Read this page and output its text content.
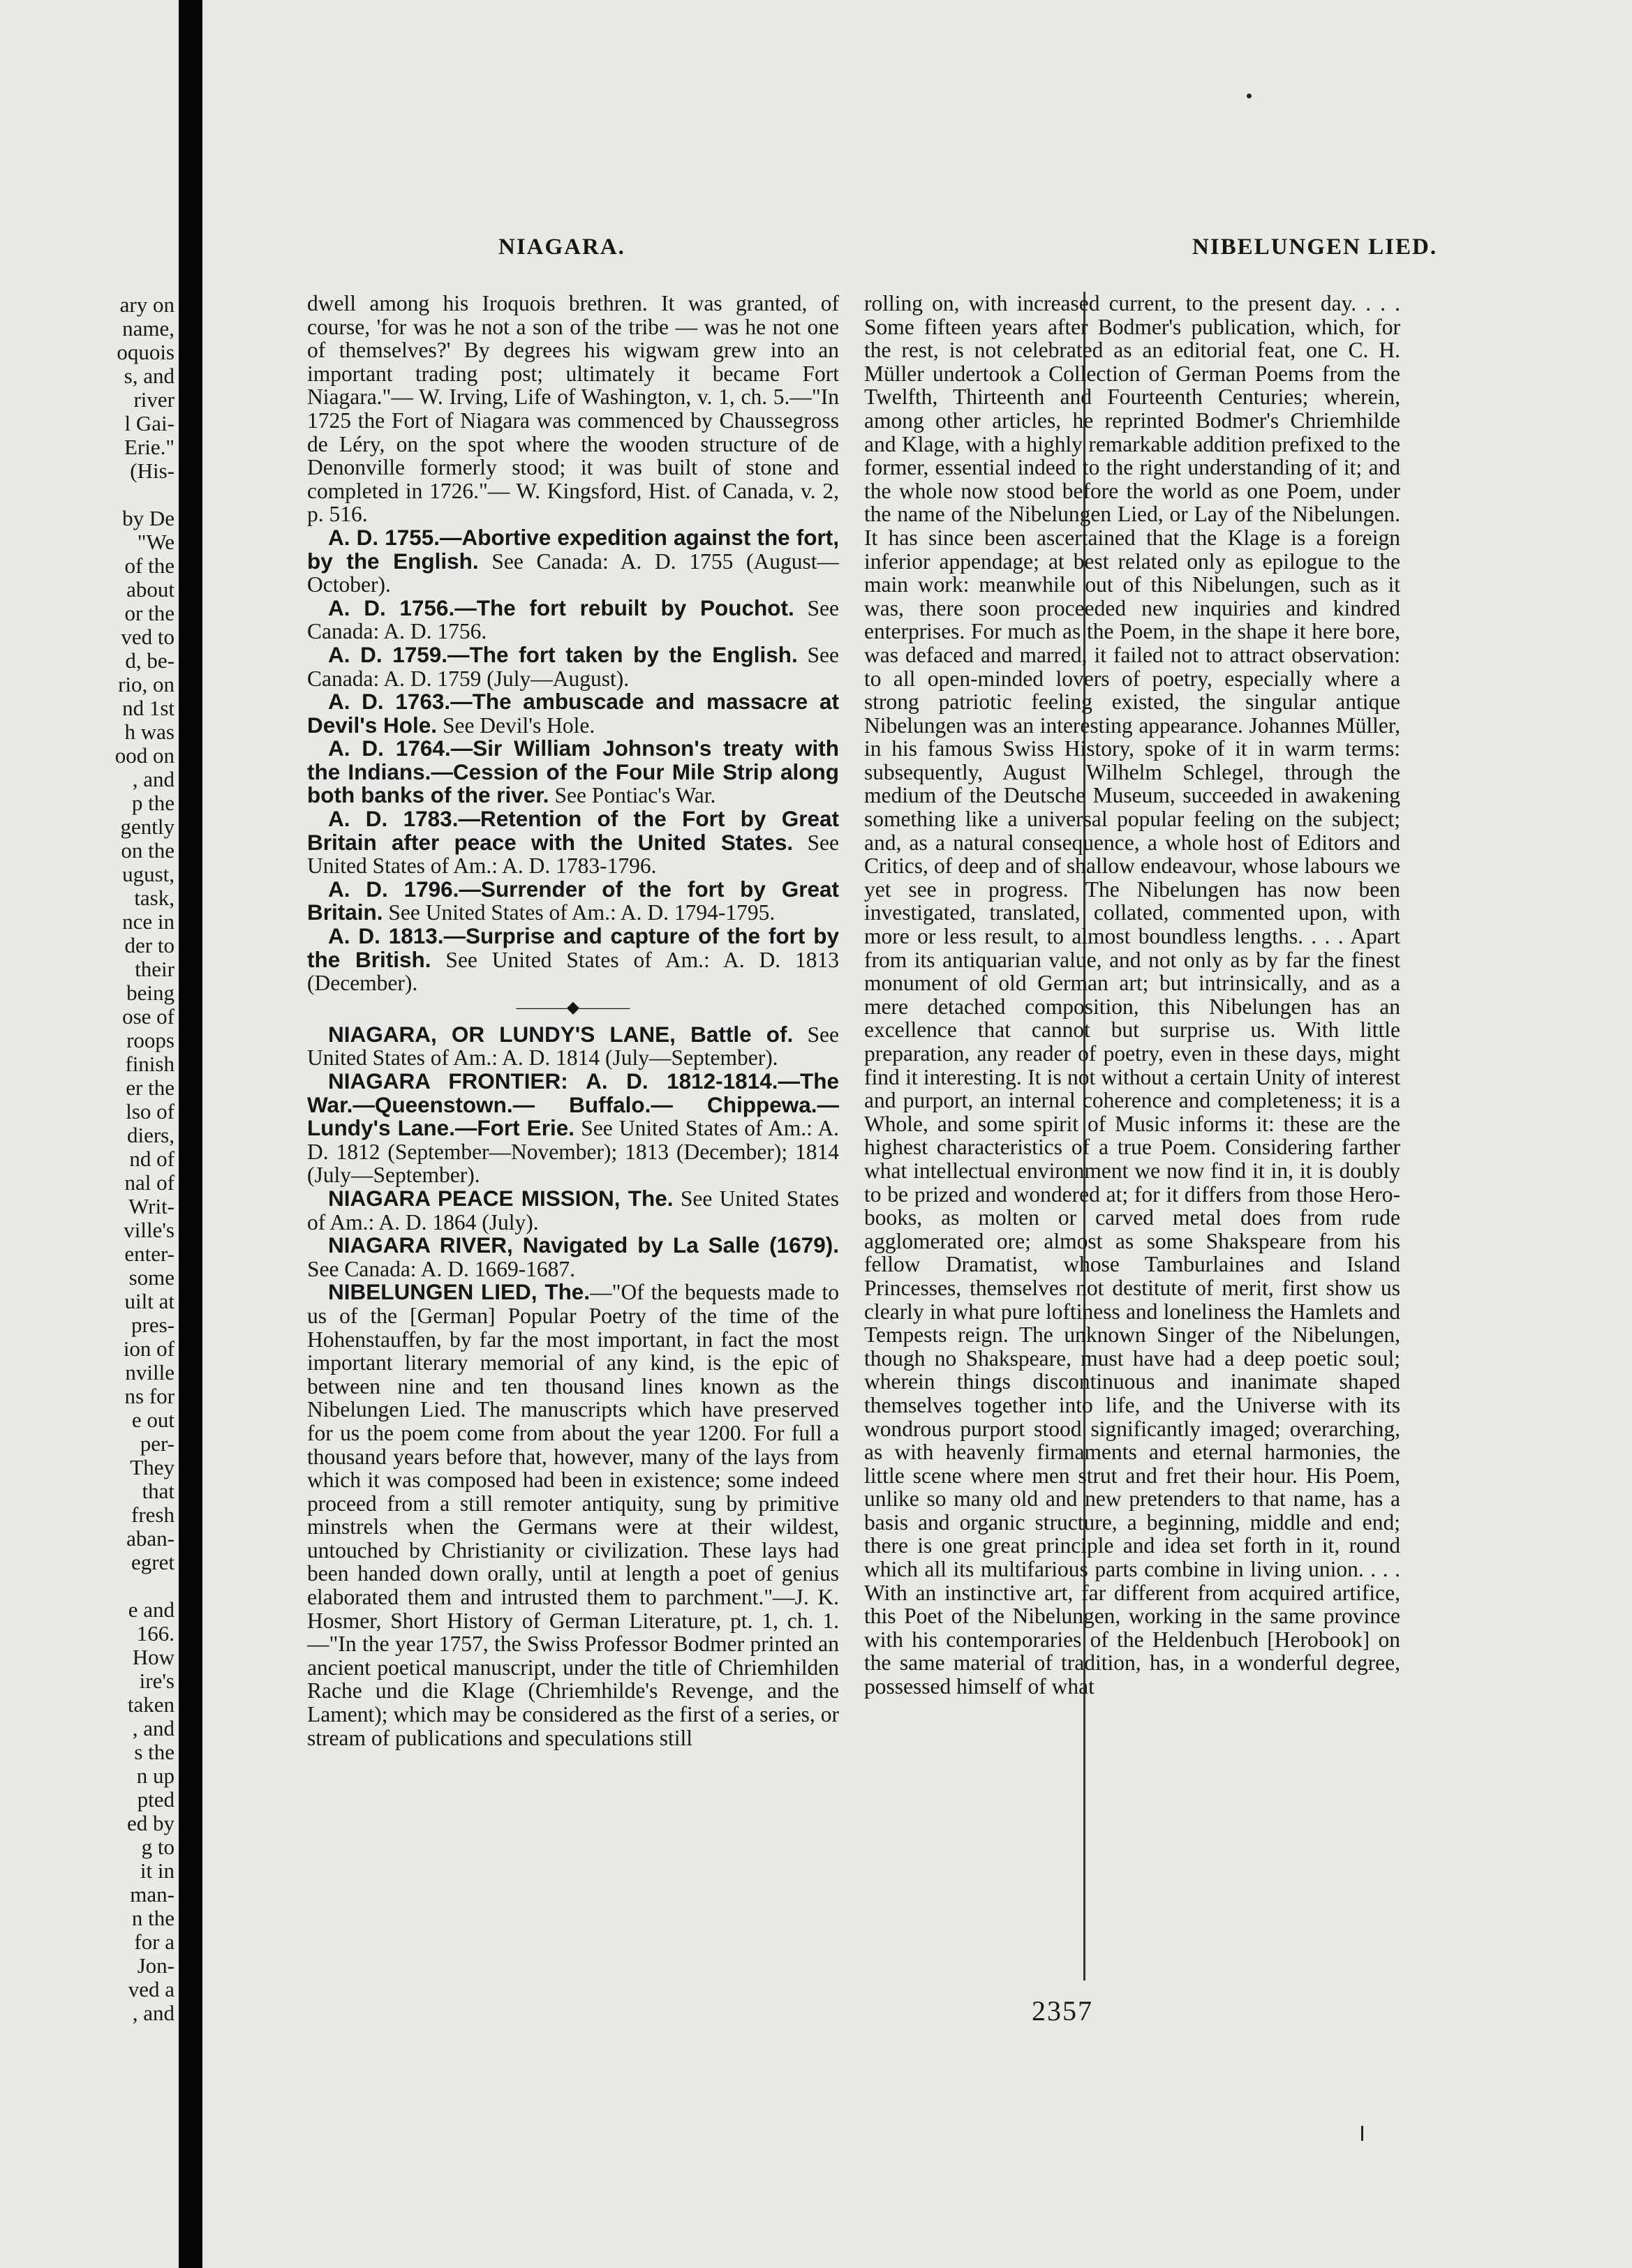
ary on
name,
oquois
s, and
river
l Gai-
Erie."
(His-
by De
"We
of the
about
or the
ved to
d, be-
rio, on
nd 1st
h was
ood on
, and
p the
gently
on the
ugust,
task,
nce in
der to
their
being
ose of
roops
finish
er the
lso of
diers,
nd of
nal of
Writ-
ville's
enter-
some
uilt at
pres-
ion of
nville
ns for
e out
per-
They
that
fresh
aban-
egret
e and
166.
How
ire's
taken
, and
s the
n up
pted
ed by
g to
it in
man-
n the
for a
Jon-
ved a
, and
NIAGARA.	NIBELUNGEN LIED.

dwell among his Iroquois brethren. It was granted, of course, 'for was he not a son of the tribe — was he not one of themselves?' By degrees his wigwam grew into an important trading post; ultimately it became Fort Niagara."— W. Irving, Life of Washington, v. 1, ch. 5.—"In 1725 the Fort of Niagara was commenced by Chaussegross de Léry, on the spot where the wooden structure of de Denonville formerly stood; it was built of stone and completed in 1726."— W. Kingsford, Hist. of Canada, v. 2, p. 516.

A. D. 1755.—Abortive expedition against the fort, by the English. See Canada: A. D. 1755 (August—October).

A. D. 1756.—The fort rebuilt by Pouchot. See Canada: A. D. 1756.

A. D. 1759.—The fort taken by the English. See Canada: A. D. 1759 (July—August).

A. D. 1763.—The ambuscade and massacre at Devil's Hole. See Devil's Hole.

A. D. 1764.—Sir William Johnson's treaty with the Indians.—Cession of the Four Mile Strip along both banks of the river. See Pontiac's War.

A. D. 1783.—Retention of the Fort by Great Britain after peace with the United States. See United States of Am.: A. D. 1783-1796.

A. D. 1796.—Surrender of the fort by Great Britain. See United States of Am.: A. D. 1794-1795.

A. D. 1813.—Surprise and capture of the fort by the British. See United States of Am.: A. D. 1813 (December).

———◆———

NIAGARA, OR LUNDY'S LANE, Battle of. See United States of Am.: A. D. 1814 (July—September).

NIAGARA FRONTIER: A. D. 1812-1814.—The War.—Queenstown.— Buffalo.— Chippewa.—Lundy's Lane.—Fort Erie. See United States of Am.: A. D. 1812 (September—November); 1813 (December); 1814 (July—September).

NIAGARA PEACE MISSION, The. See United States of Am.: A. D. 1864 (July).

NIAGARA RIVER, Navigated by La Salle (1679). See Canada: A. D. 1669-1687.

NIBELUNGEN LIED, The.—"Of the bequests made to us of the [German] Popular Poetry of the time of the Hohenstauffen, by far the most important, in fact the most important literary memorial of any kind, is the epic of between nine and ten thousand lines known as the Nibelungen Lied. The manuscripts which have preserved for us the poem come from about the year 1200. For full a thousand years before that, however, many of the lays from which it was composed had been in existence; some indeed proceed from a still remoter antiquity, sung by primitive minstrels when the Germans were at their wildest, untouched by Christianity or civilization. These lays had been handed down orally, until at length a poet of genius elaborated them and intrusted them to parchment."—J. K. Hosmer, Short History of German Literature, pt. 1, ch. 1. —"In the year 1757, the Swiss Professor Bodmer printed an ancient poetical manuscript, under the title of Chriemhilden Rache und die Klage (Chriemhilde's Revenge, and the Lament); which may be considered as the first of a series, or stream of publications and speculations still

rolling on, with increased current, to the present day. . . . Some fifteen years after Bodmer's publication, which, for the rest, is not celebrated as an editorial feat, one C. H. Müller undertook a Collection of German Poems from the Twelfth, Thirteenth and Fourteenth Centuries; wherein, among other articles, he reprinted Bodmer's Chriemhilde and Klage, with a highly remarkable addition prefixed to the former, essential indeed to the right understanding of it; and the whole now stood before the world as one Poem, under the name of the Nibelungen Lied, or Lay of the Nibelungen. It has since been ascertained that the Klage is a foreign inferior appendage; at best related only as epilogue to the main work: meanwhile out of this Nibelungen, such as it was, there soon proceeded new inquiries and kindred enterprises. For much as the Poem, in the shape it here bore, was defaced and marred, it failed not to attract observation: to all open-minded lovers of poetry, especially where a strong patriotic feeling existed, the singular antique Nibelungen was an interesting appearance. Johannes Müller, in his famous Swiss History, spoke of it in warm terms: subsequently, August Wilhelm Schlegel, through the medium of the Deutsche Museum, succeeded in awakening something like a universal popular feeling on the subject; and, as a natural consequence, a whole host of Editors and Critics, of deep and of shallow endeavour, whose labours we yet see in progress. The Nibelungen has now been investigated, translated, collated, commented upon, with more or less result, to almost boundless lengths. . . . Apart from its antiquarian value, and not only as by far the finest monument of old German art; but intrinsically, and as a mere detached composition, this Nibelungen has an excellence that cannot but surprise us. With little preparation, any reader of poetry, even in these days, might find it interesting. It is not without a certain Unity of interest and purport, an internal coherence and completeness; it is a Whole, and some spirit of Music informs it: these are the highest characteristics of a true Poem. Considering farther what intellectual environment we now find it in, it is doubly to be prized and wondered at; for it differs from those Hero-books, as molten or carved metal does from rude agglomerated ore; almost as some Shakspeare from his fellow Dramatist, whose Tamburlaines and Island Princesses, themselves not destitute of merit, first show us clearly in what pure loftiness and loneliness the Hamlets and Tempests reign. The unknown Singer of the Nibelungen, though no Shakspeare, must have had a deep poetic soul; wherein things discontinuous and inanimate shaped themselves together into life, and the Universe with its wondrous purport stood significantly imaged; overarching, as with heavenly firmaments and eternal harmonies, the little scene where men strut and fret their hour. His Poem, unlike so many old and new pretenders to that name, has a basis and organic structure, a beginning, middle and end; there is one great principle and idea set forth in it, round which all its multifarious parts combine in living union. . . . With an instinctive art, far different from acquired artifice, this Poet of the Nibelungen, working in the same province with his contemporaries of the Heldenbuch [Herobook] on the same material of tradition, has, in a wonderful degree, possessed himself of what

2357
